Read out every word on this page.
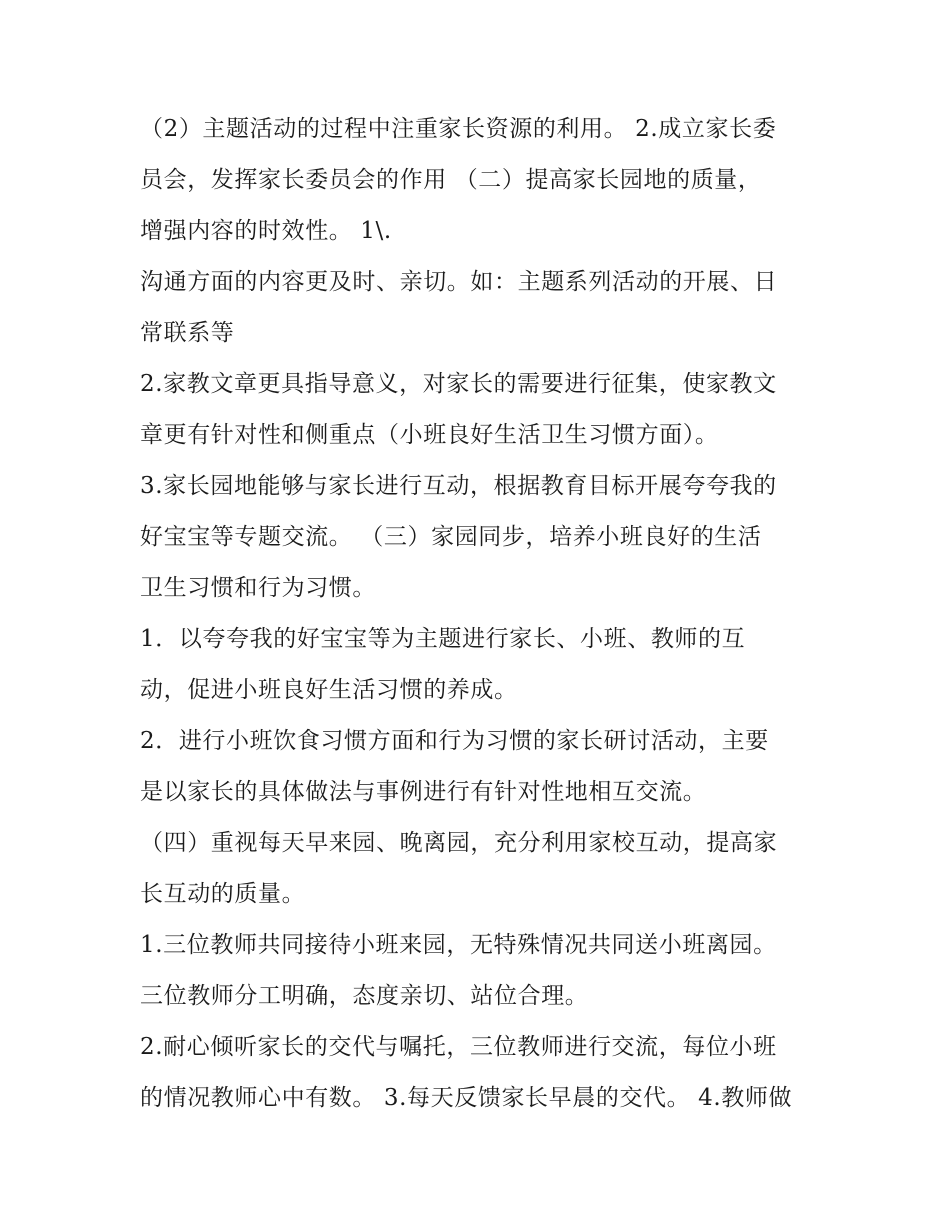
（2）主题活动的过程中注重家长资源的利用。 2.成立家长委
员会，发挥家长委员会的作用 （二）提高家长园地的质量，
增强内容的时效性。 1\.
沟通方面的内容更及时、亲切。如：主题系列活动的开展、日
常联系等
2.家教文章更具指导意义，对家长的需要进行征集，使家教文
章更有针对性和侧重点（小班良好生活卫生习惯方面）。
3.家长园地能够与家长进行互动，根据教育目标开展夸夸我的
好宝宝等专题交流。 （三）家园同步，培养小班良好的生活
卫生习惯和行为习惯。
1．以夸夸我的好宝宝等为主题进行家长、小班、教师的互
动，促进小班良好生活习惯的养成。
2．进行小班饮食习惯方面和行为习惯的家长研讨活动，主要
是以家长的具体做法与事例进行有针对性地相互交流。
（四）重视每天早来园、晚离园，充分利用家校互动，提高家
长互动的质量。
1.三位教师共同接待小班来园，无特殊情况共同送小班离园。
三位教师分工明确，态度亲切、站位合理。
2.耐心倾听家长的交代与嘱托，三位教师进行交流，每位小班
的情况教师心中有数。 3.每天反馈家长早晨的交代。 4.教师做
